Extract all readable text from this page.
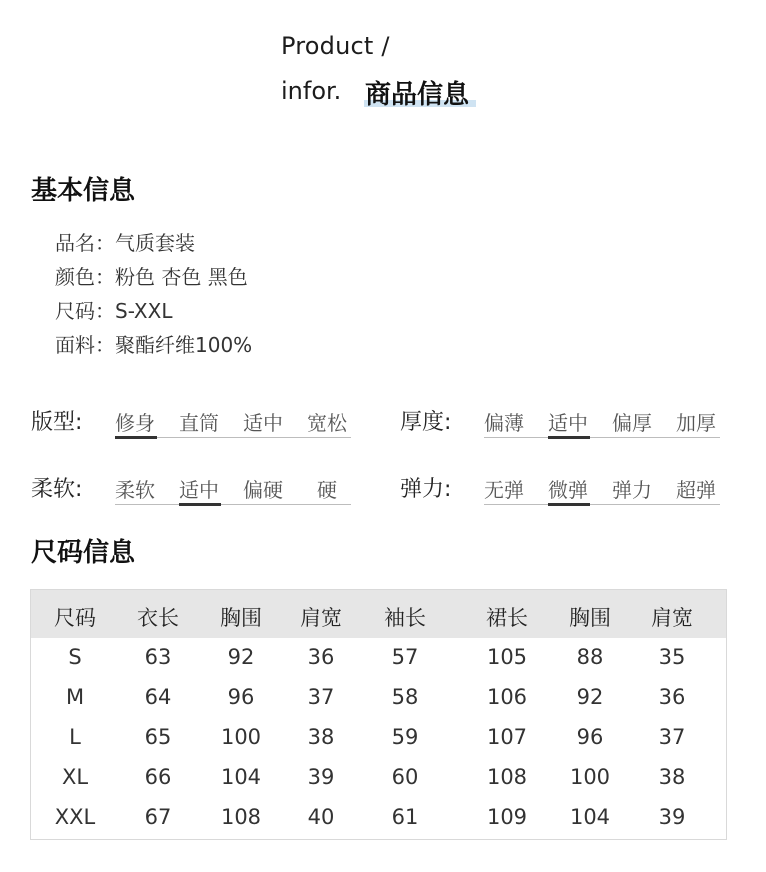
Product /
infor. 商品信息
基本信息
品名：气质套装
颜色：粉色 杏色 黑色
尺码：S-XXL
面料：聚酯纤维100%
版型: 修身 直筒 适中 宽松 厚度: 偏薄 适中 偏厚 加厚
柔软: 柔软 适中 偏硬 硬	弹力: 无弹 微弹 弹力 超弹
尺码信息
尺码	衣长	胸围	肩宽	袖长	裙长	胸围	肩宽
S	63	92	36	57	105	88	35
M	64	96	37	58	106	92	36
L	65	100	38	59	107	96	37
XL	66	104	39	60	108	100	38
XXL	67	108	40	61	109	104	39
